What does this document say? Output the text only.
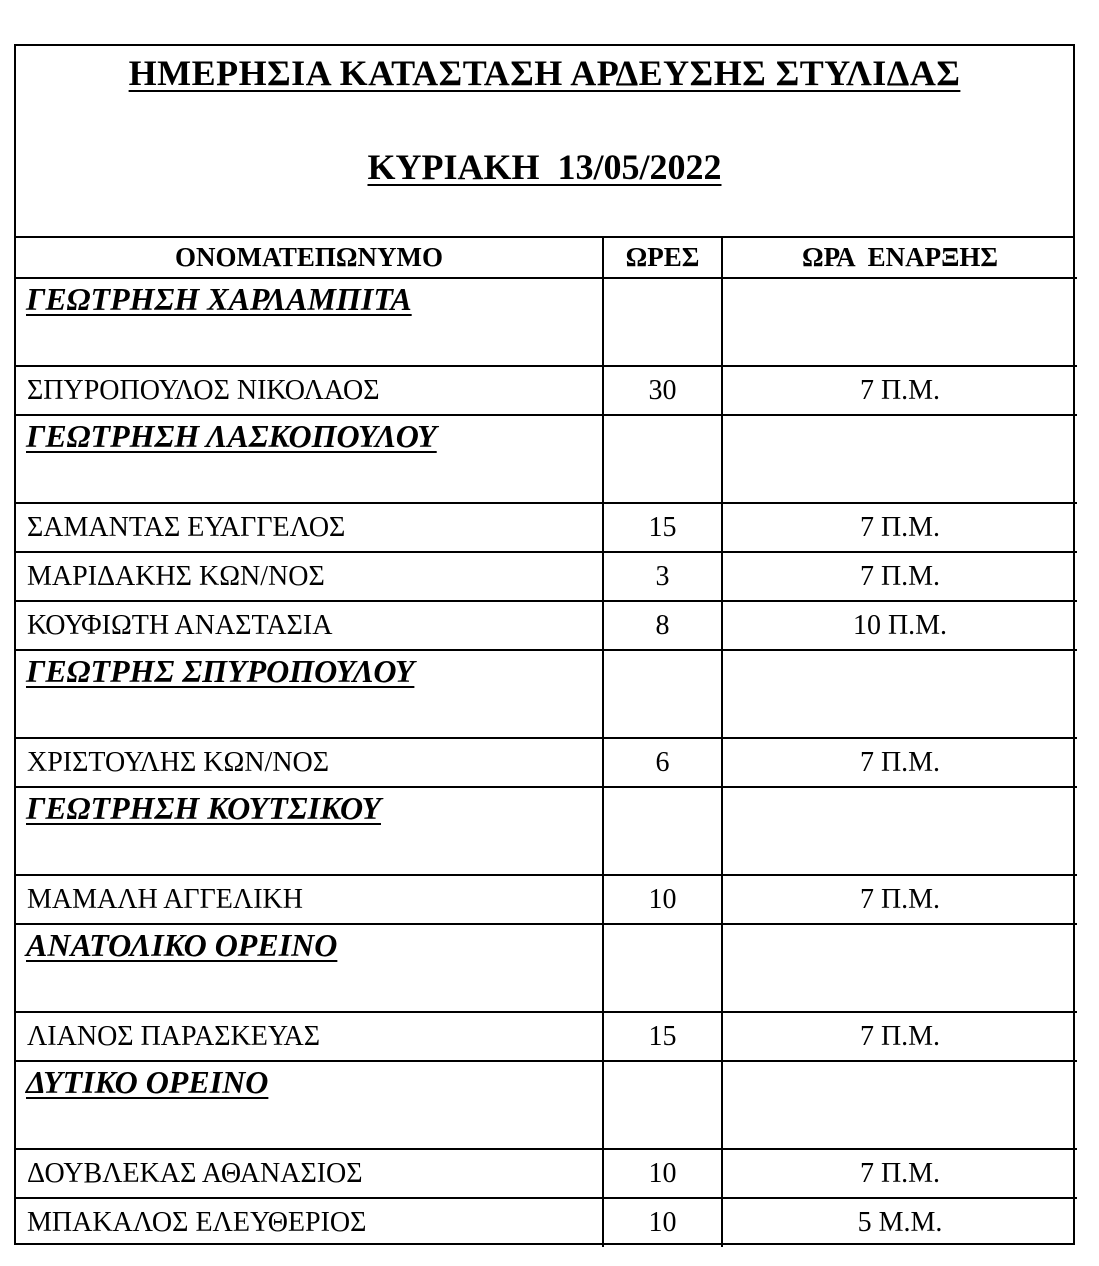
ΗΜΕΡΗΣΙΑ ΚΑΤΑΣΤΑΣΗ ΑΡΔΕΥΣΗΣ ΣΤΥΛΙΔΑΣ
ΚΥΡΙΑΚΗ  13/05/2022
ΟΝΟΜΑΤΕΠΩΝΥΜΟ	ΩΡΕΣ	ΩΡΑ  ΕΝΑΡΞΗΣ
ΓΕΩΤΡΗΣΗ ΧΑΡΛΑΜΠΙΤΑ		
ΣΠΥΡΟΠΟΥΛΟΣ ΝΙΚΟΛΑΟΣ	30	7 Π.Μ.
ΓΕΩΤΡΗΣΗ ΛΑΣΚΟΠΟΥΛΟΥ		
ΣΑΜΑΝΤΑΣ ΕΥΑΓΓΕΛΟΣ	15	7 Π.Μ.
ΜΑΡΙΔΑΚΗΣ ΚΩΝ/ΝΟΣ	3	7 Π.Μ.
ΚΟΥΦΙΩΤΗ ΑΝΑΣΤΑΣΙΑ	8	10 Π.Μ.
ΓΕΩΤΡΗΣ ΣΠΥΡΟΠΟΥΛΟΥ		
ΧΡΙΣΤΟΥΛΗΣ ΚΩΝ/ΝΟΣ	6	7 Π.Μ.
ΓΕΩΤΡΗΣΗ ΚΟΥΤΣΙΚΟΥ		
ΜΑΜΑΛΗ ΑΓΓΕΛΙΚΗ	10	7 Π.Μ.
ΑΝΑΤΟΛΙΚΟ ΟΡΕΙΝΟ		
ΛΙΑΝΟΣ ΠΑΡΑΣΚΕΥΑΣ	15	7 Π.Μ.
ΔΥΤΙΚΟ ΟΡΕΙΝΟ		
ΔΟΥΒΛΕΚΑΣ ΑΘΑΝΑΣΙΟΣ	10	7 Π.Μ.
ΜΠΑΚΑΛΟΣ ΕΛΕΥΘΕΡΙΟΣ	10	5 Μ.Μ.
